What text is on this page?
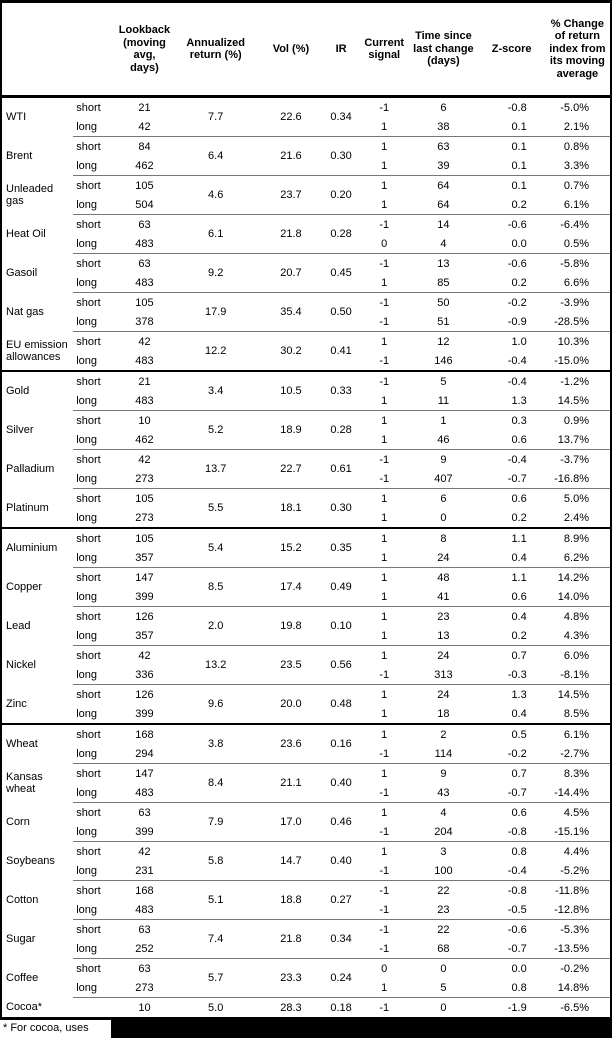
		Lookback (moving avg, days)	Annualized return (%)	Vol (%)	IR	Current signal	Time since last change (days)	Z-score	% Change of return index from its moving average
WTI	short	21	7.7	22.6	0.34	-1	6	-0.8	-5.0%
	long	42				1	38	0.1	2.1%
Brent	short	84	6.4	21.6	0.30	1	63	0.1	0.8%
	long	462				1	39	0.1	3.3%
Unleaded gas	short	105	4.6	23.7	0.20	1	64	0.1	0.7%
	long	504				1	64	0.2	6.1%
Heat Oil	short	63	6.1	21.8	0.28	-1	14	-0.6	-6.4%
	long	483				0	4	0.0	0.5%
Gasoil	short	63	9.2	20.7	0.45	-1	13	-0.6	-5.8%
	long	483				1	85	0.2	6.6%
Nat gas	short	105	17.9	35.4	0.50	-1	50	-0.2	-3.9%
	long	378				-1	51	-0.9	-28.5%
EU emission allowances	short	42	12.2	30.2	0.41	1	12	1.0	10.3%
	long	483				-1	146	-0.4	-15.0%
Gold	short	21	3.4	10.5	0.33	-1	5	-0.4	-1.2%
	long	483				1	11	1.3	14.5%
Silver	short	10	5.2	18.9	0.28	1	1	0.3	0.9%
	long	462				1	46	0.6	13.7%
Palladium	short	42	13.7	22.7	0.61	-1	9	-0.4	-3.7%
	long	273				-1	407	-0.7	-16.8%
Platinum	short	105	5.5	18.1	0.30	1	6	0.6	5.0%
	long	273				1	0	0.2	2.4%
Aluminium	short	105	5.4	15.2	0.35	1	8	1.1	8.9%
	long	357				1	24	0.4	6.2%
Copper	short	147	8.5	17.4	0.49	1	48	1.1	14.2%
	long	399				1	41	0.6	14.0%
Lead	short	126	2.0	19.8	0.10	1	23	0.4	4.8%
	long	357				1	13	0.2	4.3%
Nickel	short	42	13.2	23.5	0.56	1	24	0.7	6.0%
	long	336				-1	313	-0.3	-8.1%
Zinc	short	126	9.6	20.0	0.48	1	24	1.3	14.5%
	long	399				1	18	0.4	8.5%
Wheat	short	168	3.8	23.6	0.16	1	2	0.5	6.1%
	long	294				-1	114	-0.2	-2.7%
Kansas wheat	short	147	8.4	21.1	0.40	1	9	0.7	8.3%
	long	483				-1	43	-0.7	-14.4%
Corn	short	63	7.9	17.0	0.46	1	4	0.6	4.5%
	long	399				-1	204	-0.8	-15.1%
Soybeans	short	42	5.8	14.7	0.40	1	3	0.8	4.4%
	long	231				-1	100	-0.4	-5.2%
Cotton	short	168	5.1	18.8	0.27	-1	22	-0.8	-11.8%
	long	483				-1	23	-0.5	-12.8%
Sugar	short	63	7.4	21.8	0.34	-1	22	-0.6	-5.3%
	long	252				-1	68	-0.7	-13.5%
Coffee	short	63	5.7	23.3	0.24	0	0	0.0	-0.2%
	long	273				1	5	0.8	14.8%
Cocoa*		10	5.0	28.3	0.18	-1	0	-1.9	-6.5%
* For cocoa, uses
